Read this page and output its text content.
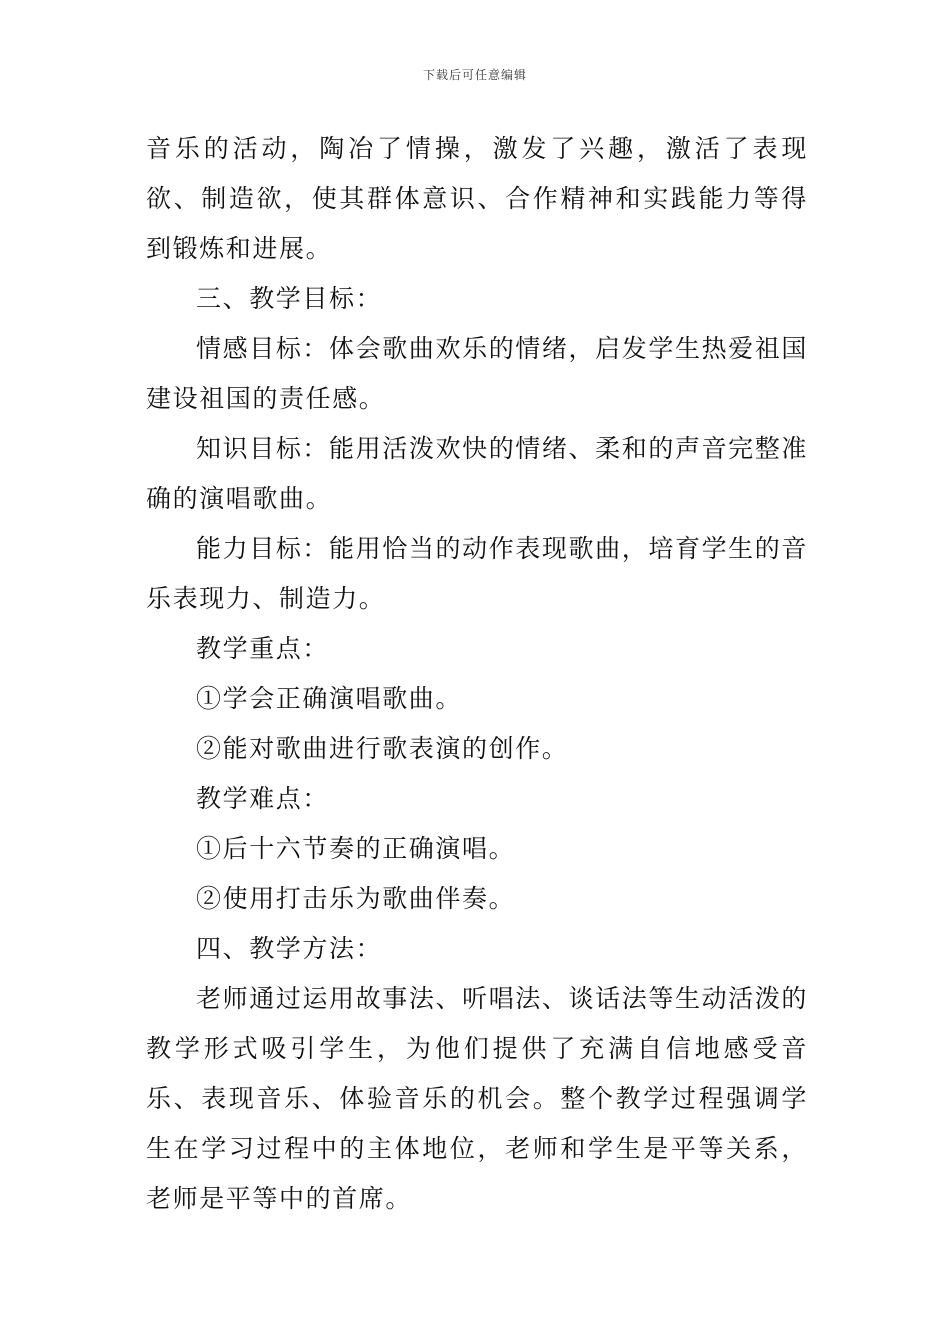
下载后可任意编辑

音乐的活动，陶冶了情操，激发了兴趣，激活了表现欲、制造欲，使其群体意识、合作精神和实践能力等得到锻炼和进展。

三、教学目标：

情感目标：体会歌曲欢乐的情绪，启发学生热爱祖国建设祖国的责任感。

知识目标：能用活泼欢快的情绪、柔和的声音完整准确的演唱歌曲。

能力目标：能用恰当的动作表现歌曲，培育学生的音乐表现力、制造力。

教学重点：

①学会正确演唱歌曲。

②能对歌曲进行歌表演的创作。

教学难点：

①后十六节奏的正确演唱。

②使用打击乐为歌曲伴奏。

四、教学方法：

老师通过运用故事法、听唱法、谈话法等生动活泼的教学形式吸引学生，为他们提供了充满自信地感受音乐、表现音乐、体验音乐的机会。整个教学过程强调学生在学习过程中的主体地位，老师和学生是平等关系，老师是平等中的首席。
